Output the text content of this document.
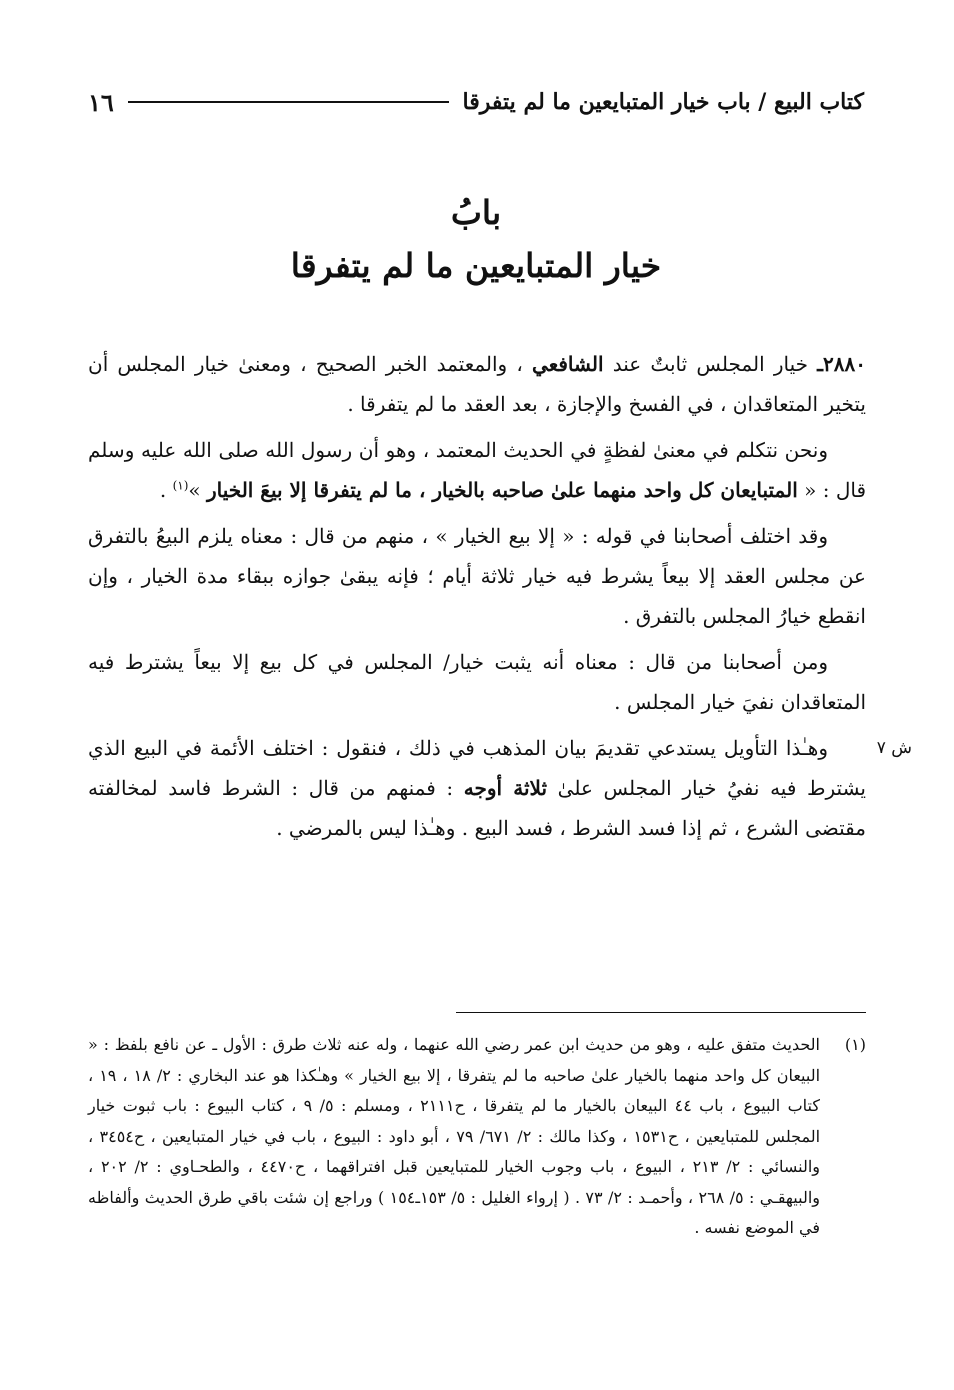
كتاب البيع / باب خيار المتبايعين ما لم يتفرقا
١٦
بابُ
خيار المتبايعين ما لم يتفرقا

٢٨٨٠ـ خيار المجلس ثابتٌ عند الشافعي ، والمعتمد الخبر الصحيح ، ومعنىٰ خيار المجلس أن يتخير المتعاقدان ، في الفسخ والإجازة ، بعد العقد ما لم يتفرقا .

ونحن نتكلم في معنىٰ لفظةٍ في الحديث المعتمد ، وهو أن رسول الله صلى الله عليه وسلم قال : « المتبايعان كل واحد منهما علىٰ صاحبه بالخيار ، ما لم يتفرقا إلا بيعَ الخيار »$^{(١)}$ .

وقد اختلف أصحابنا في قوله : « إلا بيع الخيار » ، منهم من قال : معناه يلزم البيعُ بالتفرق عن مجلس العقد إلا بيعاً يشرط فيه خيار ثلاثة أيام ؛ فإنه يبقىٰ جوازه ببقاء مدة الخيار ، وإن انقطع خيارُ المجلس بالتفرق .

ومن أصحابنا من قال : معناه أنه يثبت خيار/ المجلس في كل بيع إلا بيعاً يشترط فيه المتعاقدان نفيَ خيار المجلس .

وهـٰذا التأويل يستدعي تقديمَ بيان المذهب في ذلك ، فنقول : اختلف الأئمة في البيع الذي يشترط فيه نفيُ خيار المجلس علىٰ ثلاثة أوجه : فمنهم من قال : الشرط فاسد لمخالفته مقتضى الشرع ، ثم إذا فسد الشرط ، فسد البيع . وهـٰذا ليس بالمرضي .

ش ٧
(١)
الحديث متفق عليه ، وهو من حديث ابن عمر رضي الله عنهما ، وله عنه ثلاث طرق : الأول ـ عن نافع بلفظ : « البيعان كل واحد منهما بالخيار علىٰ صاحبه ما لم يتفرقا ، إلا بيع الخيار » وهـٰكذا هو عند البخاري : ٢/ ١٨ ، ١٩ ، كتاب البيوع ، باب ٤٤ البيعان بالخيار ما لم يتفرقا ، ح٢١١١ ، ومسلم : ٥/ ٩ ، كتاب البيوع : باب ثبوت خيار المجلس للمتبايعين ، ح١٥٣١ ، وكذا مالك : ٢/ ٦٧١/ ٧٩ ، أبو داود : البيوع ، باب في خيار المتبايعين ، ح٣٤٥٤ ، والنسائي : ٢/ ٢١٣ ، البيوع ، باب وجوب الخيار للمتبايعين قبل افتراقهما ، ح٤٤٧٠ ، والطحـاوي : ٢/ ٢٠٢ ، والبيهقـي : ٥/ ٢٦٨ ، وأحمـد : ٢/ ٧٣ . ( إرواء الغليل : ٥/ ١٥٣ـ١٥٤ ) وراجع إن شئت باقي طرق الحديث وألفاظه في الموضع نفسه .
